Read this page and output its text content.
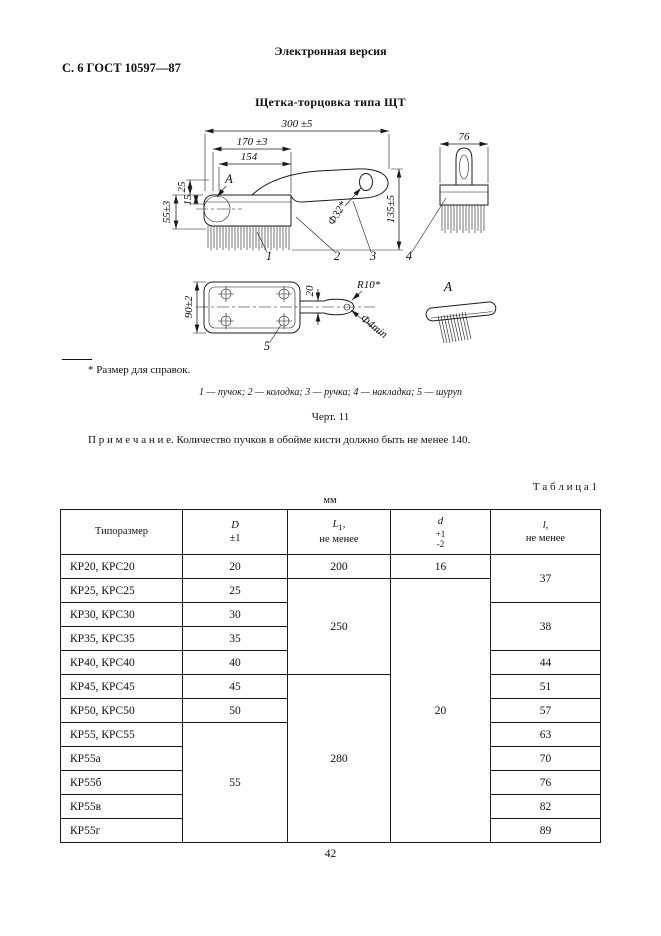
Электронная версия
С. 6 ГОСТ 10597—87
Щетка-торцовка типа ЩТ
300 ±5
170 ±3
154
А
Ф32*	135±5
25
15
55±3
1	2 3 4
76
90±2
20	R10*
Ф4min
5
А
* Размер для справок.
1 — пучок; 2 — колодка; 3 — ручка; 4 — накладка; 5 — шуруп
Черт. 11
П р и м е ч а н и е. Количество пучков в обойме кисти должно быть не менее 140.
Т а б л и ц а 1
мм
Типоразмер

D
±1

$L_1$,
не менее

d
+1
-2

l,
не менее

КР20, КРС20	20	200	16	37
КР25, КРС25	25	250	20	
КР30, КРС30	30			38
КР35, КРС35	35			
КР40, КРС40	40			44
КР45, КРС45	45	280		51
КР50, КРС50	50			57
КР55, КРС55	55			63
КР55а				70
КР55б				76
КР55в				82
КР55г				89
42
